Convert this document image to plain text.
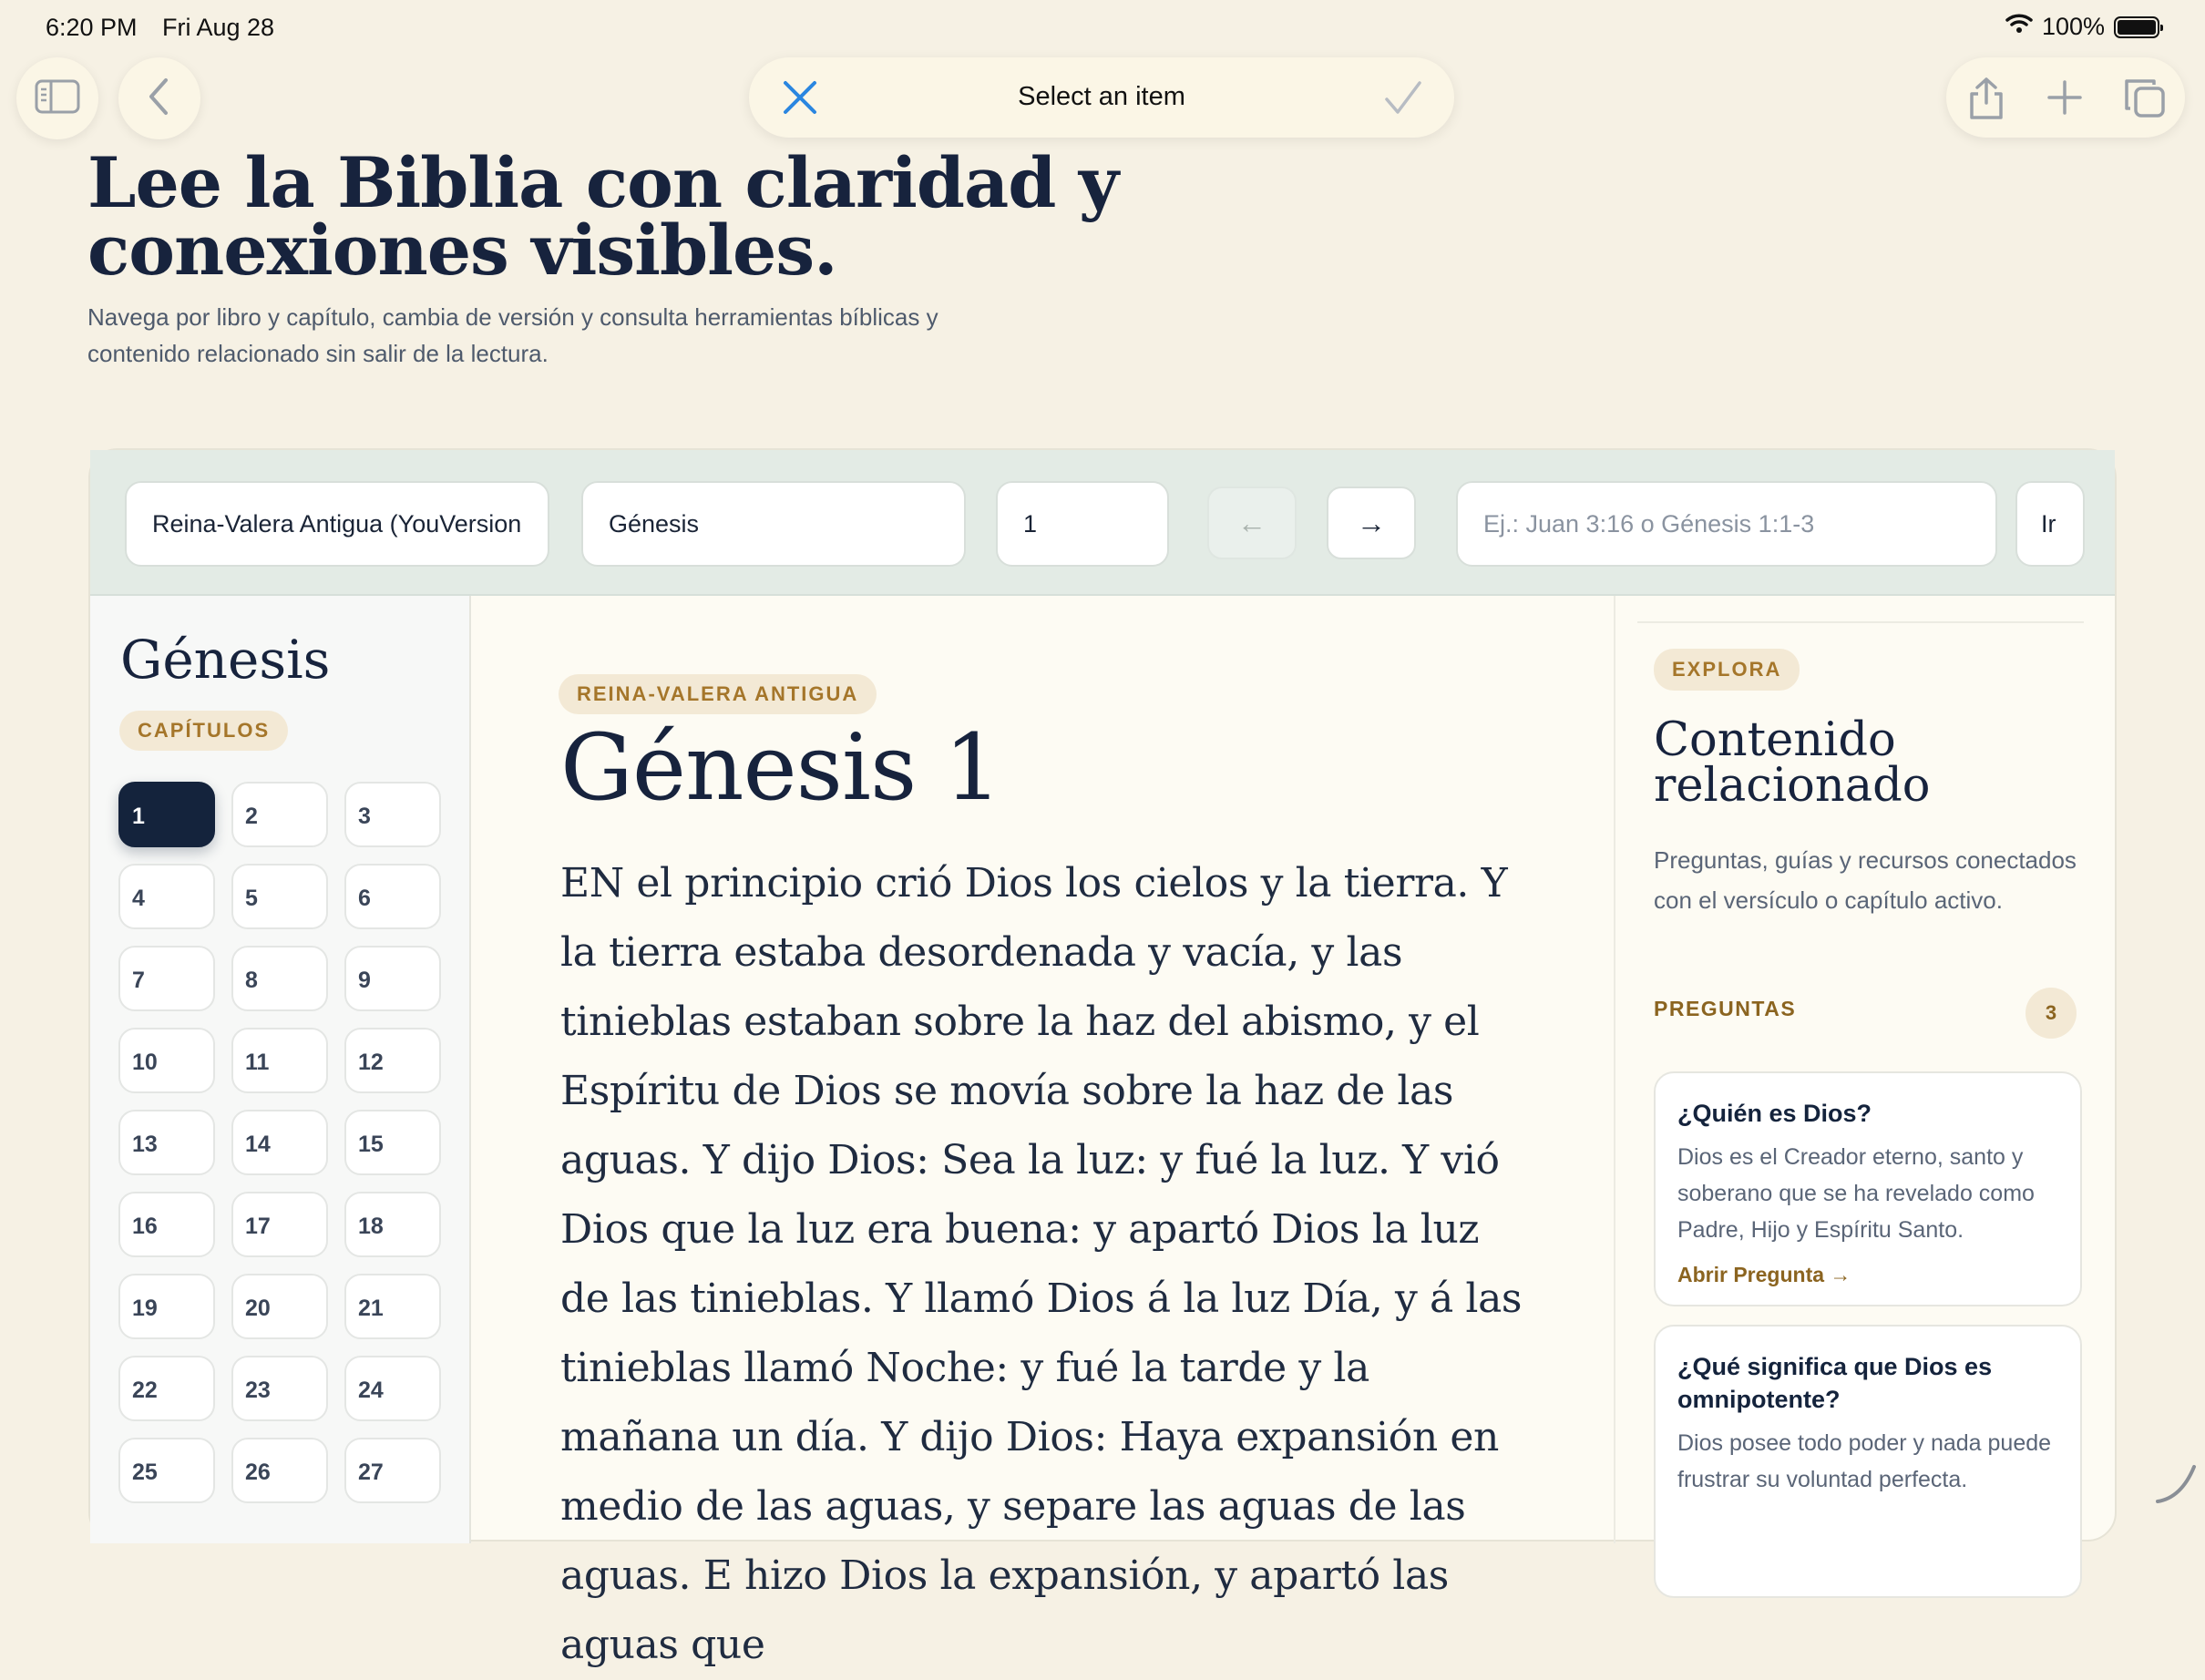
6:20 PM Fri Aug 28	100%
Select an item
Lee la Biblia con claridad y conexiones visibles.

Navega por libro y capítulo, cambia de versión y consulta herramientas bíblicas y contenido relacionado sin salir de la lectura.

Reina-Valera Antigua (YouVersion	Génesis	1	←	→	Ej.: Juan 3:16 o Génesis 1:1-3	Ir
Génesis
CAPÍTULOS
1	2	3
4	5	6
7	8	9
10	11	12
13	14	15
16	17	18
19	20	21
22	23	24
25	26	27
REINA-VALERA ANTIGUA
Génesis 1
EN el principio crió Dios los cielos y la tierra. Y la tierra estaba desordenada y vacía, y las tinieblas estaban sobre la haz del abismo, y el Espíritu de Dios se movía sobre la haz de las aguas. Y dijo Dios: Sea la luz: y fué la luz. Y vió Dios que la luz era buena: y apartó Dios la luz de las tinieblas. Y llamó Dios á la luz Día, y á las tinieblas llamó Noche: y fué la tarde y la mañana un día. Y dijo Dios: Haya expansión en medio de las aguas, y separe las aguas de las aguas. E hizo Dios la expansión, y apartó las aguas que
EXPLORA
Contenido relacionado
Preguntas, guías y recursos conectados con el versículo o capítulo activo.
PREGUNTAS	3
¿Quién es Dios?
Dios es el Creador eterno, santo y soberano que se ha revelado como Padre, Hijo y Espíritu Santo.
Abrir Pregunta →
¿Qué significa que Dios es omnipotente?
Dios posee todo poder y nada puede frustrar su voluntad perfecta.
